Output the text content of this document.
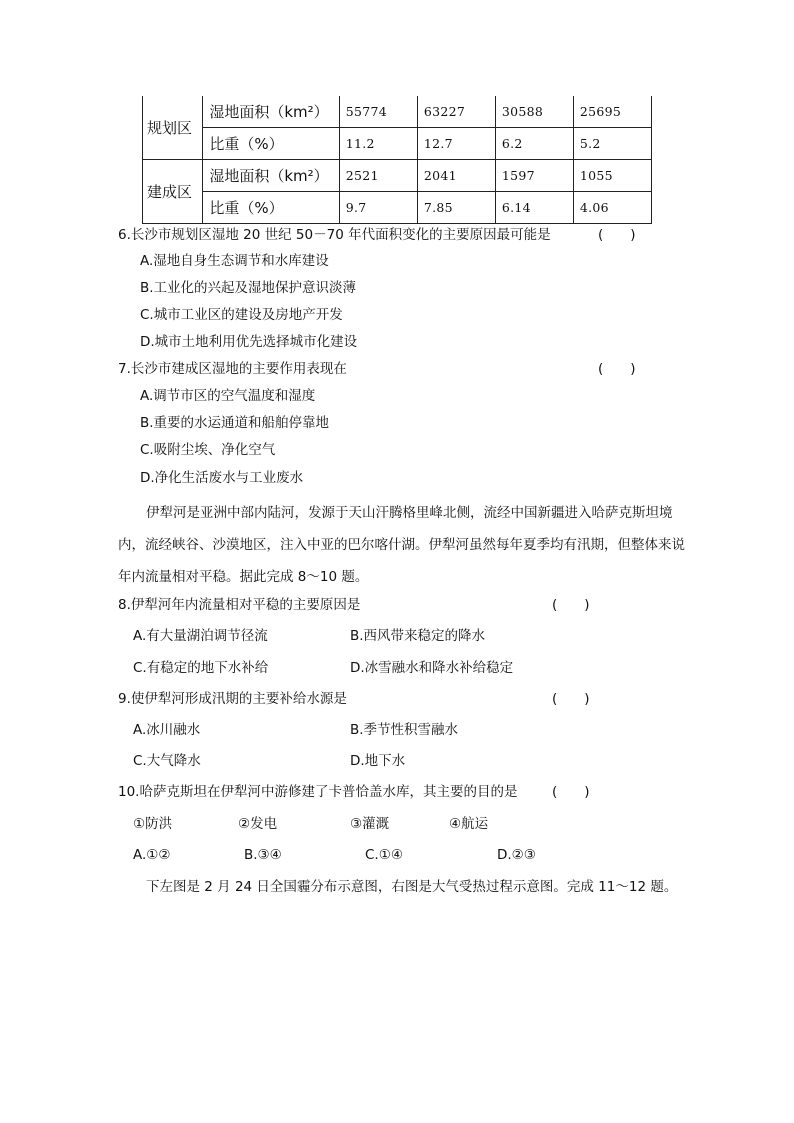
规划区	湿地面积（km²）	55774	63227	30588	25695
	比重（%）	11.2	12.7	6.2	5.2
建成区	湿地面积（km²）	2521	2041	1597	1055
	比重（%）	9.7	7.85	6.14	4.06
6.长沙市规划区湿地 20 世纪 50－70 年代面积变化的主要原因最可能是	(　　)
A.湿地自身生态调节和水库建设
B.工业化的兴起及湿地保护意识淡薄
C.城市工业区的建设及房地产开发
D.城市土地利用优先选择城市化建设
7.长沙市建成区湿地的主要作用表现在	(　　)
A.调节市区的空气温度和湿度
B.重要的水运通道和船舶停靠地
C.吸附尘埃、净化空气
D.净化生活废水与工业废水
伊犁河是亚洲中部内陆河，发源于天山汗腾格里峰北侧，流经中国新疆进入哈萨克斯坦境内，流经峡谷、沙漠地区，注入中亚的巴尔喀什湖。伊犁河虽然每年夏季均有汛期，但整体来说年内流量相对平稳。据此完成 8～10 题。
8.伊犁河年内流量相对平稳的主要原因是	(　　)
A.有大量湖泊调节径流	B.西风带来稳定的降水
C.有稳定的地下水补给	D.冰雪融水和降水补给稳定
9.使伊犁河形成汛期的主要补给水源是	(　　)
A.冰川融水	B.季节性积雪融水
C.大气降水	D.地下水
10.哈萨克斯坦在伊犁河中游修建了卡普恰盖水库，其主要的目的是	(　　)
①防洪	②发电	③灌溉	④航运
A.①②	B.③④	C.①④	D.②③
下左图是 2 月 24 日全国霾分布示意图，右图是大气受热过程示意图。完成 11～12 题。
